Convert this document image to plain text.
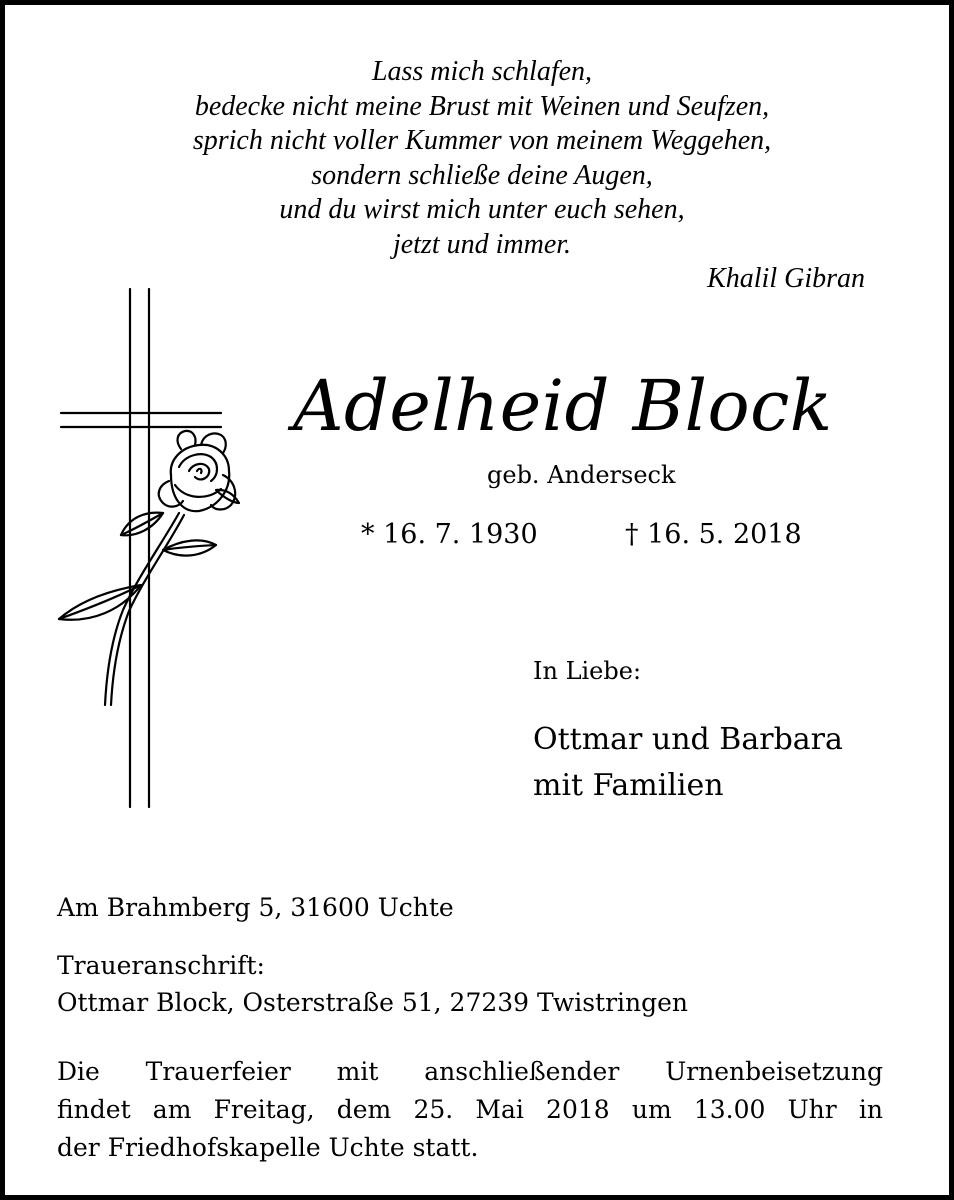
Lass mich schlafen,
bedecke nicht meine Brust mit Weinen und Seufzen,
sprich nicht voller Kummer von meinem Weggehen,
sondern schließe deine Augen,
und du wirst mich unter euch sehen,
jetzt und immer.
Khalil Gibran
Adelheid Block
geb. Anderseck
* 16. 7. 1930	† 16. 5. 2018
In Liebe:
Ottmar und Barbara
mit Familien
Am Brahmberg 5, 31600 Uchte
Traueranschrift:
Ottmar Block, Osterstraße 51, 27239 Twistringen
Die Trauerfeier mit anschließender Urnenbeisetzung
findet am Freitag, dem 25. Mai 2018 um 13.00 Uhr in
der Friedhofskapelle Uchte statt.
